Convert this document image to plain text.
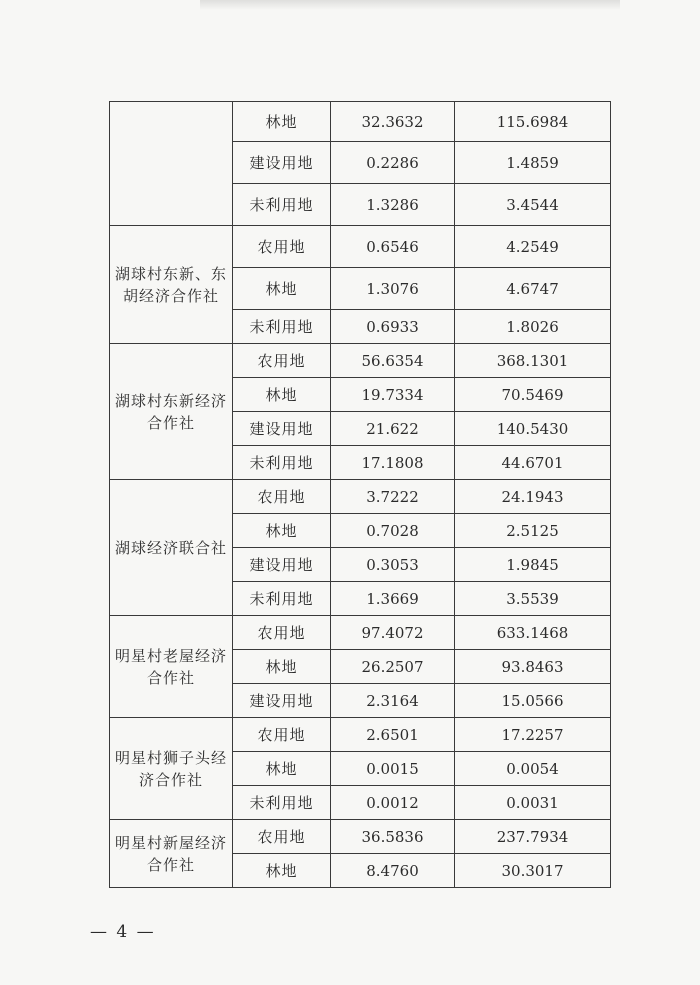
	林地	32.3632	115.6984
	建设用地	0.2286	1.4859
	未利用地	1.3286	3.4544
湖球村东新、东胡经济合作社	农用地	0.6546	4.2549
	林地	1.3076	4.6747
	未利用地	0.6933	1.8026
湖球村东新经济合作社	农用地	56.6354	368.1301
	林地	19.7334	70.5469
	建设用地	21.622	140.5430
	未利用地	17.1808	44.6701
湖球经济联合社	农用地	3.7222	24.1943
	林地	0.7028	2.5125
	建设用地	0.3053	1.9845
	未利用地	1.3669	3.5539
明星村老屋经济合作社	农用地	97.4072	633.1468
	林地	26.2507	93.8463
	建设用地	2.3164	15.0566
明星村狮子头经济合作社	农用地	2.6501	17.2257
	林地	0.0015	0.0054
	未利用地	0.0012	0.0031
明星村新屋经济合作社	农用地	36.5836	237.7934
	林地	8.4760	30.3017
— 4 —
